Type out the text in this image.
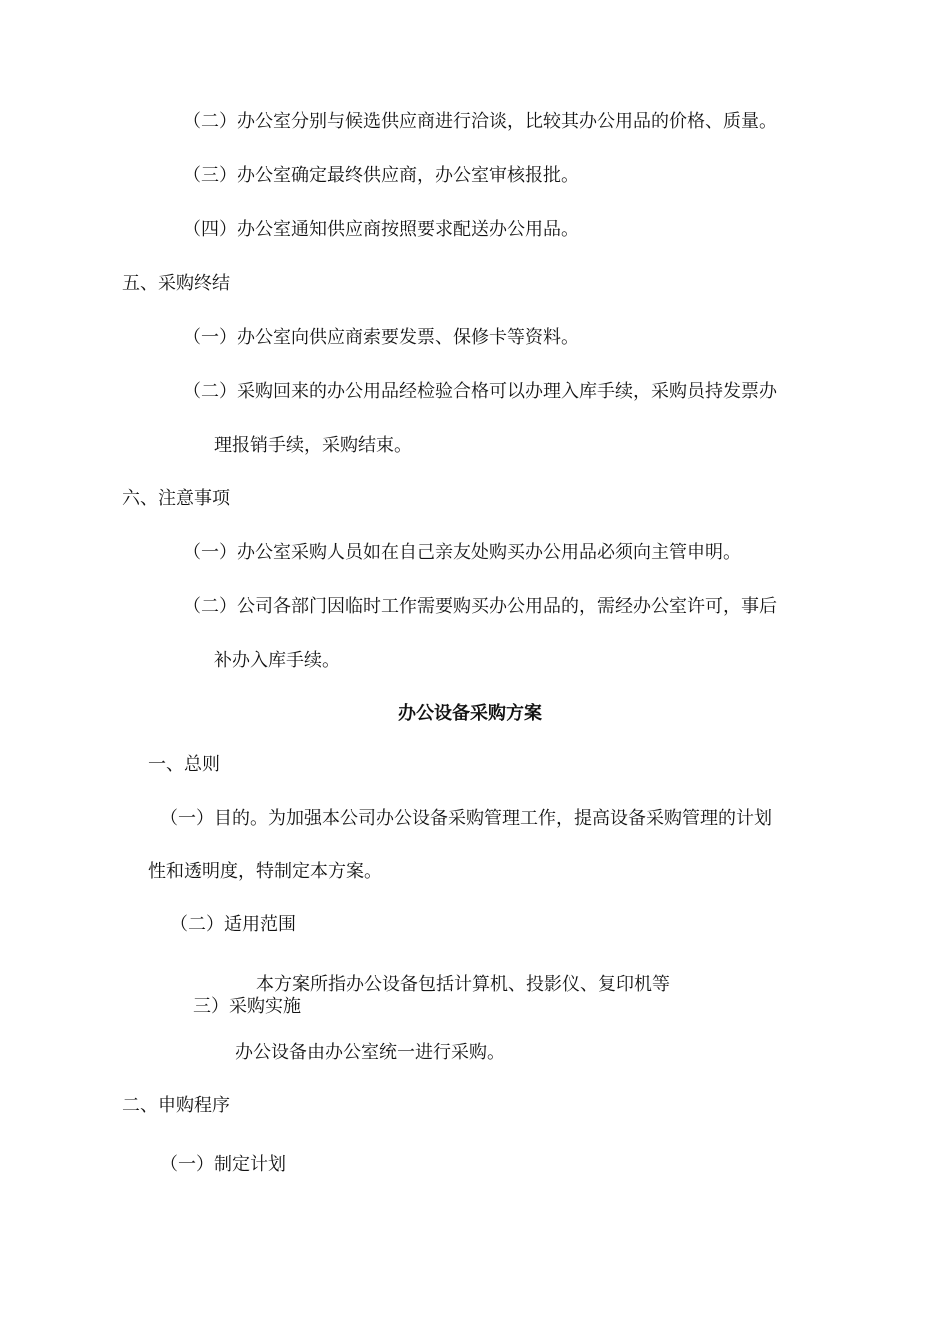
（二）办公室分别与候选供应商进行洽谈，比较其办公用品的价格、质量。
（三）办公室确定最终供应商，办公室审核报批。
（四）办公室通知供应商按照要求配送办公用品。
五、采购终结
（一）办公室向供应商索要发票、保修卡等资料。
（二）采购回来的办公用品经检验合格可以办理入库手续，采购员持发票办
理报销手续，采购结束。
六、注意事项
（一）办公室采购人员如在自己亲友处购买办公用品必须向主管申明。
（二）公司各部门因临时工作需要购买办公用品的，需经办公室许可，事后
补办入库手续。
办公设备采购方案
一、总则
（一）目的。为加强本公司办公设备采购管理工作，提高设备采购管理的计划
性和透明度，特制定本方案。
（二）适用范围
本方案所指办公设备包括计算机、投影仪、复印机等
三）采购实施
办公设备由办公室统一进行采购。
二、申购程序
（一）制定计划
